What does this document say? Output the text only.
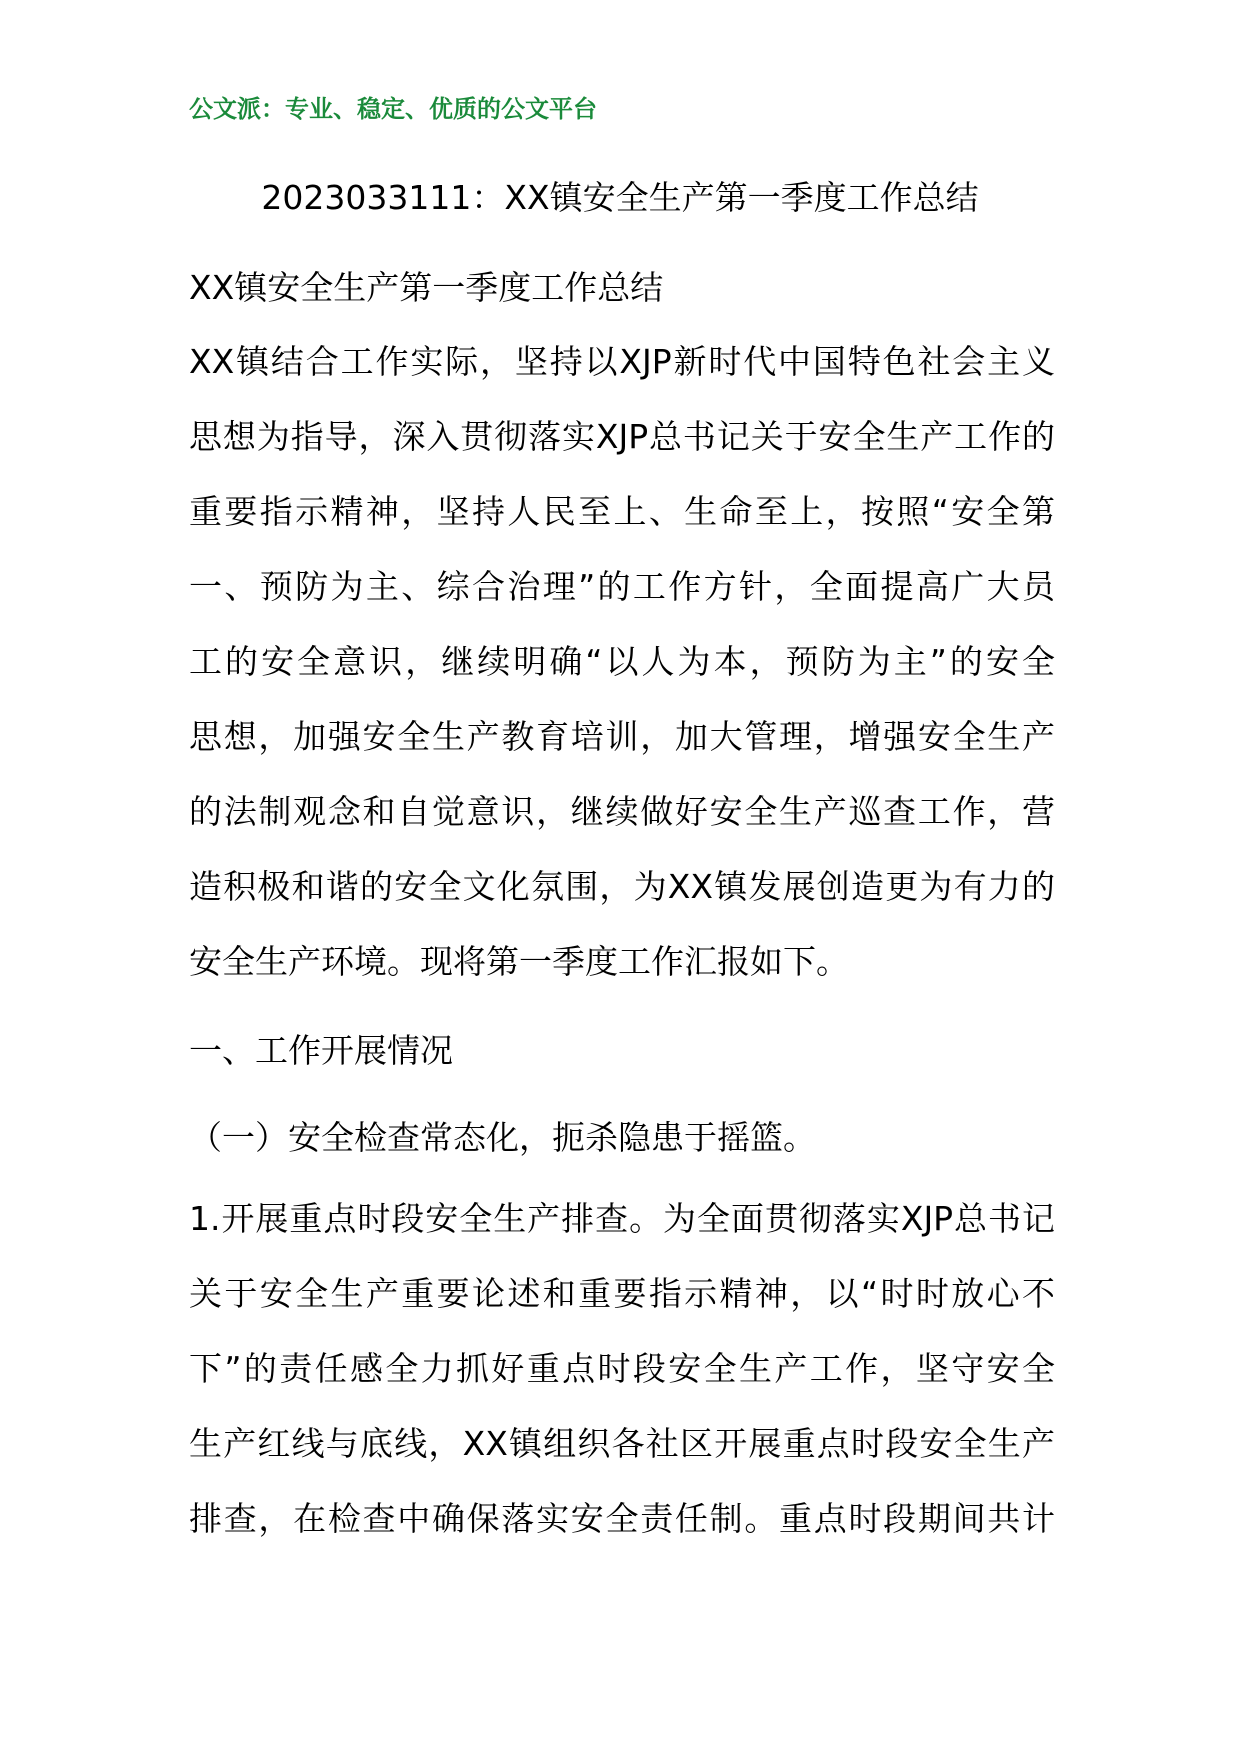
公文派：专业、稳定、优质的公文平台
2023033111：XX镇安全生产第一季度工作总结
XX镇安全生产第一季度工作总结
XX镇结合工作实际，坚持以XJP新时代中国特色社会主义
思想为指导，深入贯彻落实XJP总书记关于安全生产工作的
重要指示精神，坚持人民至上、生命至上，按照“安全第
一、预防为主、综合治理”的工作方针，全面提高广大员
工的安全意识，继续明确“以人为本，预防为主”的安全
思想，加强安全生产教育培训，加大管理，增强安全生产
的法制观念和自觉意识，继续做好安全生产巡查工作，营
造积极和谐的安全文化氛围，为XX镇发展创造更为有力的
安全生产环境。现将第一季度工作汇报如下。
一、工作开展情况
（一）安全检查常态化，扼杀隐患于摇篮。
1.开展重点时段安全生产排查。为全面贯彻落实XJP总书记
关于安全生产重要论述和重要指示精神，以“时时放心不
下”的责任感全力抓好重点时段安全生产工作，坚守安全
生产红线与底线，XX镇组织各社区开展重点时段安全生产
排查，在检查中确保落实安全责任制。重点时段期间共计
